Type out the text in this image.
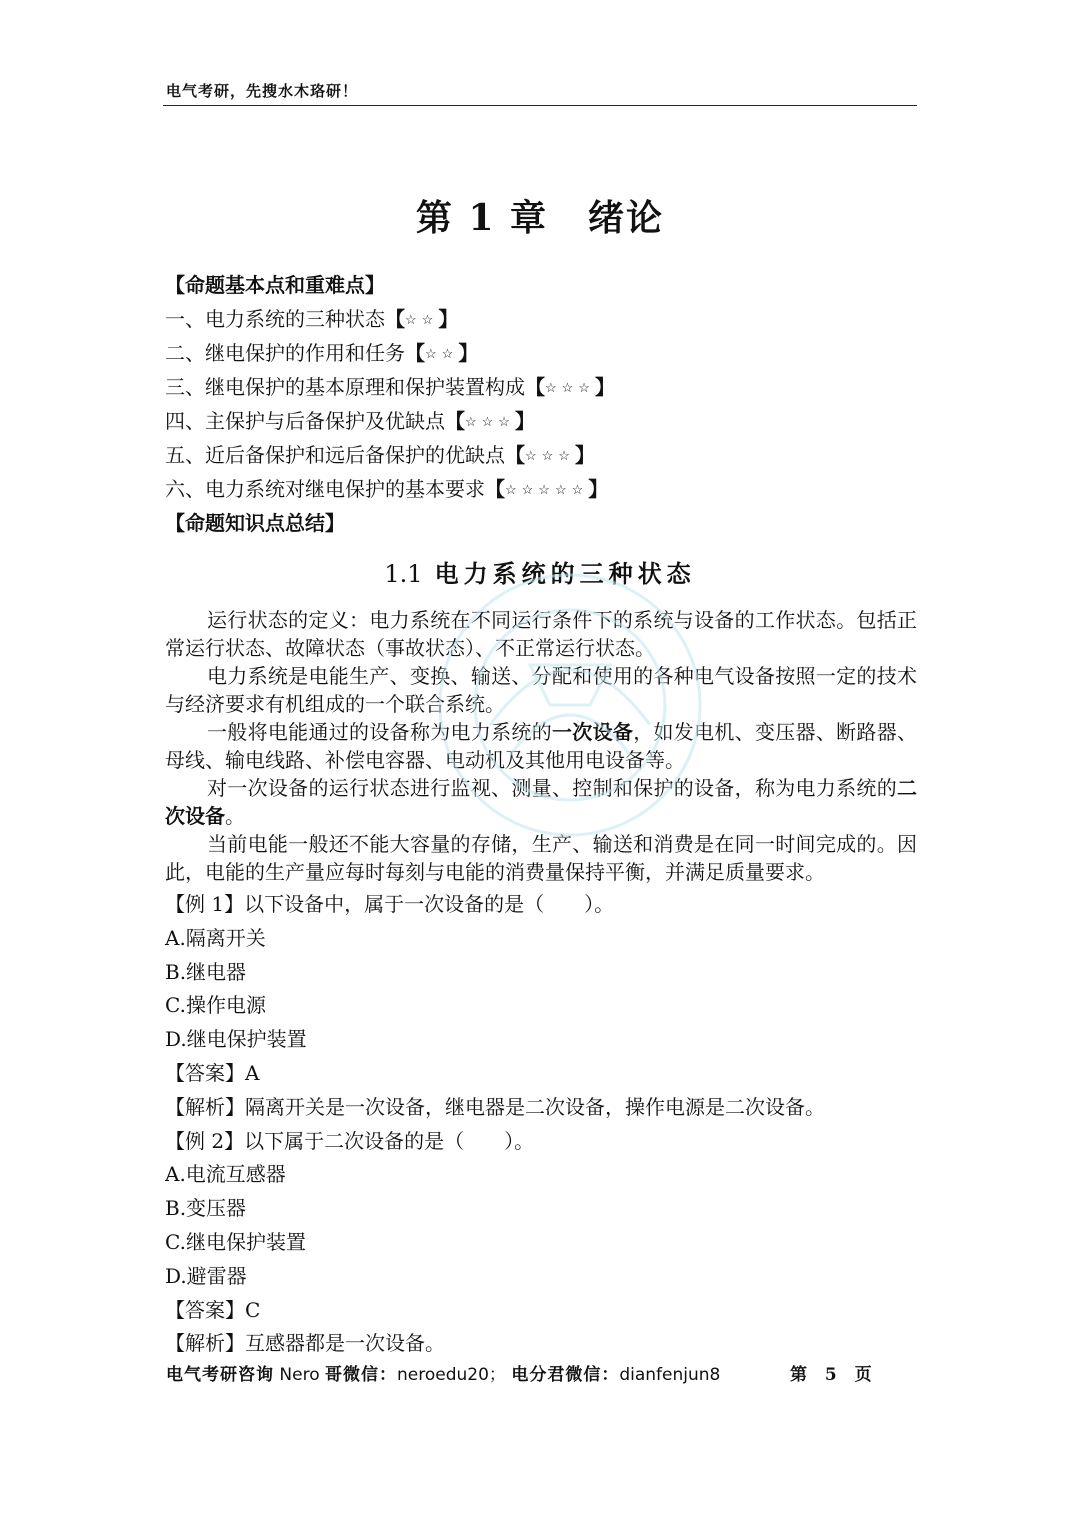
电气考研，先搜水木珞研！
第 1 章 绪论
【命题基本点和重难点】
一、电力系统的三种状态【☆☆】
二、继电保护的作用和任务【☆☆】
三、继电保护的基本原理和保护装置构成【☆☆☆】
四、主保护与后备保护及优缺点【☆☆☆】
五、近后备保护和远后备保护的优缺点【☆☆☆】
六、电力系统对继电保护的基本要求【☆☆☆☆☆】
【命题知识点总结】
1.1 电力系统的三种状态

运行状态的定义：电力系统在不同运行条件下的系统与设备的工作状态。包括正常运行状态、故障状态（事故状态）、不正常运行状态。

电力系统是电能生产、变换、输送、分配和使用的各种电气设备按照一定的技术与经济要求有机组成的一个联合系统。

一般将电能通过的设备称为电力系统的一次设备，如发电机、变压器、断路器、母线、输电线路、补偿电容器、电动机及其他用电设备等。

对一次设备的运行状态进行监视、测量、控制和保护的设备，称为电力系统的二次设备。

当前电能一般还不能大容量的存储，生产、输送和消费是在同一时间完成的。因此，电能的生产量应每时每刻与电能的消费量保持平衡，并满足质量要求。

【例 1】以下设备中，属于一次设备的是（　　）。
A.隔离开关
B.继电器
C.操作电源
D.继电保护装置
【答案】A
【解析】隔离开关是一次设备，继电器是二次设备，操作电源是二次设备。
【例 2】以下属于二次设备的是（　　）。
A.电流互感器
B.变压器
C.继电保护装置
D.避雷器
【答案】C
【解析】互感器都是一次设备。
电气考研咨询 Nero 哥微信：neroedu20； 电分君微信：dianfenjun8	第 5 页
